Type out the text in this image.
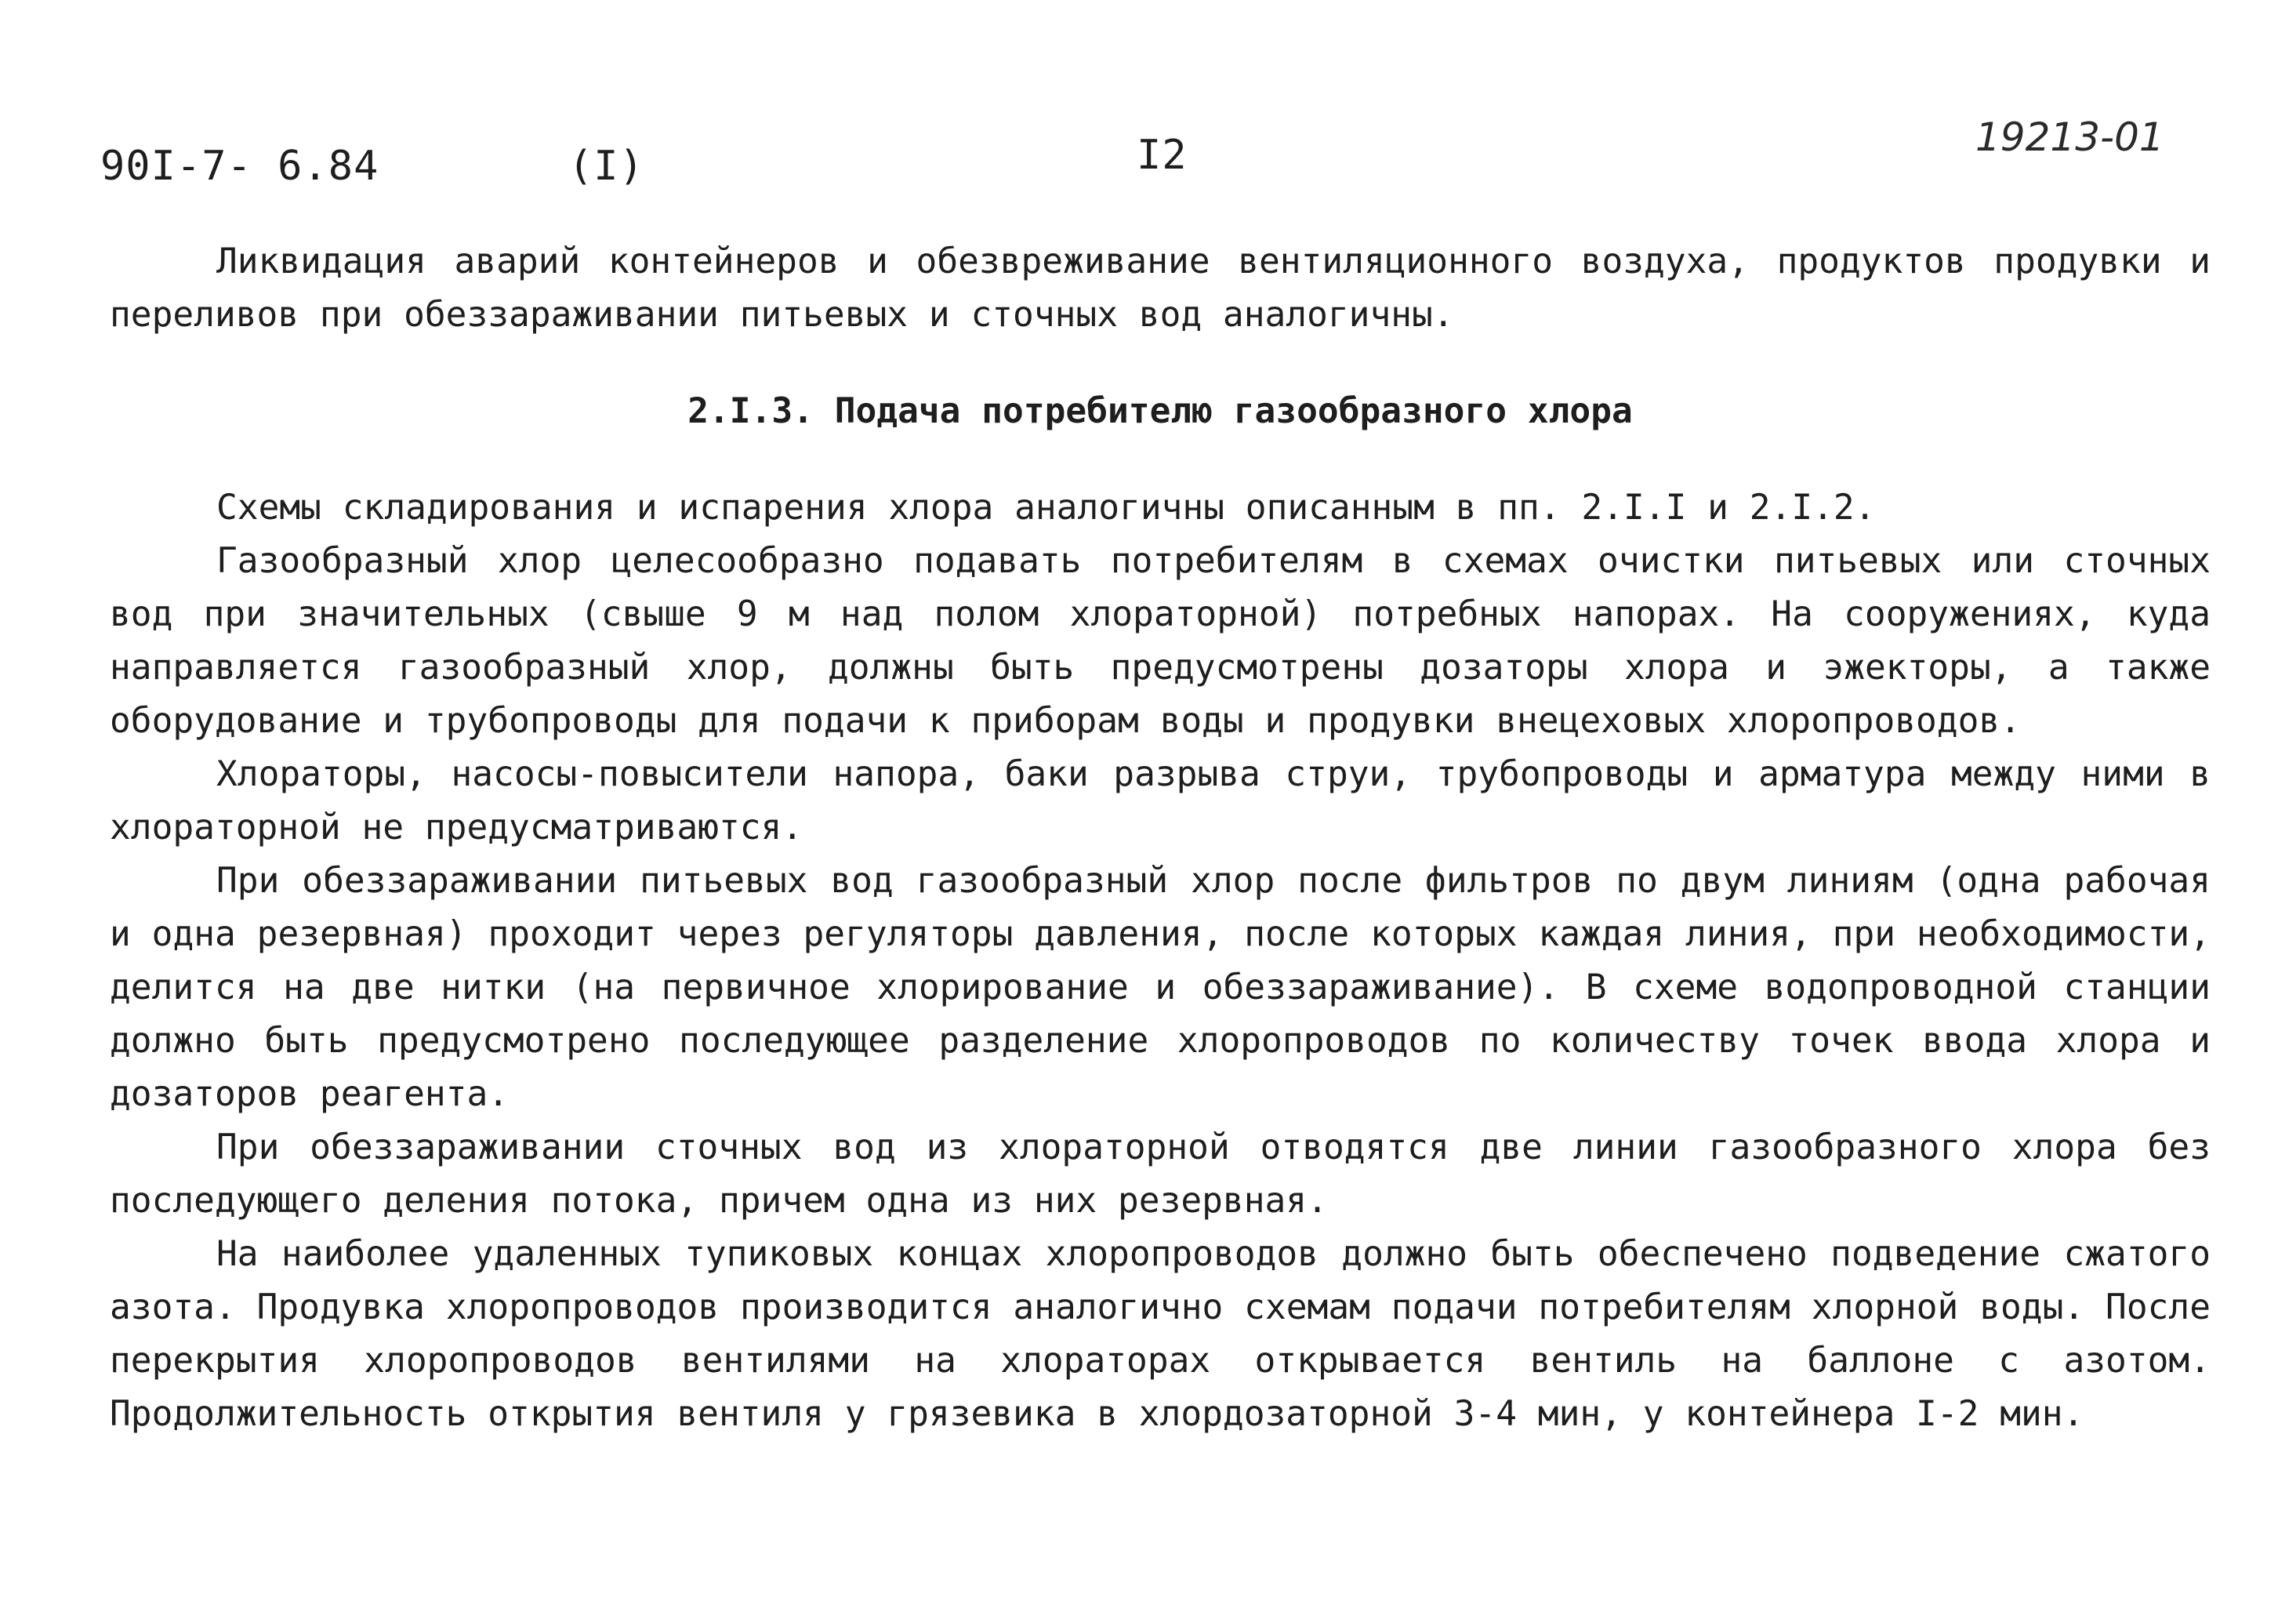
90I-7- 6.84	(I)	I2	19213-01

Ликвидация аварий контейнеров и обезвреживание вентиляционного воздуха, продуктов продувки и переливов при обеззараживании питьевых и сточных вод аналогичны.

2.I.3. Подача потребителю газообразного хлора

Схемы складирования и испарения хлора аналогичны описанным в пп. 2.I.I и 2.I.2.

Газообразный хлор целесообразно подавать потребителям в схемах очистки питьевых или сточных вод при значительных (свыше 9 м над полом хлораторной) потребных напорах. На сооружениях, куда направляется газообразный хлор, должны быть предусмотрены дозаторы хлора и эжекторы, а также оборудование и трубопроводы для подачи к приборам воды и продувки внецеховых хлоропроводов.

Хлораторы, насосы-повысители напора, баки разрыва струи, трубопроводы и арматура между ними в хлораторной не предусматриваются.

При обеззараживании питьевых вод газообразный хлор после фильтров по двум линиям (одна рабочая и одна резервная) проходит через регуляторы давления, после которых каждая линия, при необходимости, делится на две нитки (на первичное хлорирование и обеззараживание). В схеме водопроводной станции должно быть предусмотрено последующее разделение хлоропроводов по количеству точек ввода хлора и дозаторов реагента.

При обеззараживании сточных вод из хлораторной отводятся две линии газообразного хлора без последующего деления потока, причем одна из них резервная.

На наиболее удаленных тупиковых концах хлоропроводов должно быть обеспечено подведение сжатого азота. Продувка хлоропроводов производится аналогично схемам подачи потребителям хлорной воды. После перекрытия хлоропроводов вентилями на хлораторах открывается вентиль на баллоне с азотом. Продолжительность открытия вентиля у грязевика в хлордозаторной 3-4 мин, у контейнера I-2 мин.
